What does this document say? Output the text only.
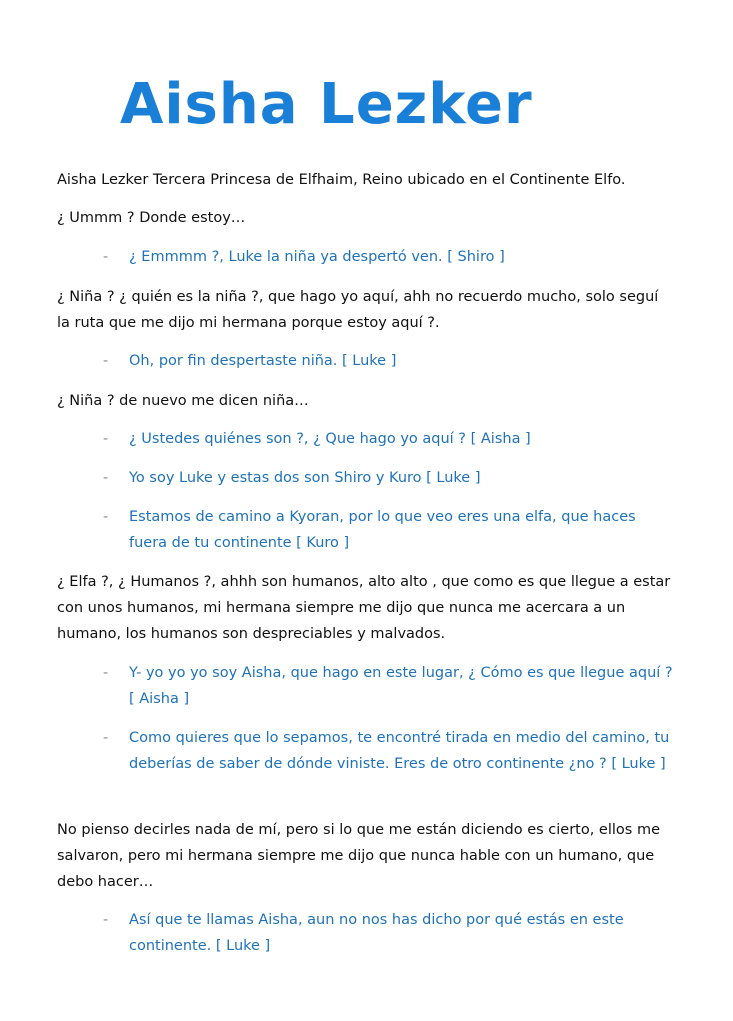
Aisha Lezker

Aisha Lezker Tercera Princesa de Elfhaim, Reino ubicado en el Continente Elfo.

¿ Ummm ? Donde estoy…

-	¿ Emmmm ?, Luke la niña ya despertó ven. [ Shiro ]

¿ Niña ? ¿ quién es la niña ?, que hago yo aquí, ahh no recuerdo mucho, solo seguí la ruta que me dijo mi hermana porque estoy aquí ?.

-	Oh, por fin despertaste niña. [ Luke ]

¿ Niña ? de nuevo me dicen niña…

-	¿ Ustedes quiénes son ?, ¿ Que hago yo aquí ? [ Aisha ]
-	Yo soy Luke y estas dos son Shiro y Kuro [ Luke ]
-	Estamos de camino a Kyoran, por lo que veo eres una elfa, que haces fuera de tu continente [ Kuro ]

¿ Elfa ?, ¿ Humanos ?, ahhh son humanos, alto alto , que como es que llegue a estar con unos humanos, mi hermana siempre me dijo que nunca me acercara a un humano, los humanos son despreciables y malvados.

-	Y- yo yo yo soy Aisha, que hago en este lugar, ¿ Cómo es que llegue aquí ? [ Aisha ]
-	Como quieres que lo sepamos, te encontré tirada en medio del camino, tu deberías de saber de dónde viniste. Eres de otro continente ¿no ? [ Luke ]

No pienso decirles nada de mí, pero si lo que me están diciendo es cierto, ellos me salvaron, pero mi hermana siempre me dijo que nunca hable con un humano, que debo hacer…

-	Así que te llamas Aisha, aun no nos has dicho por qué estás en este continente. [ Luke ]
